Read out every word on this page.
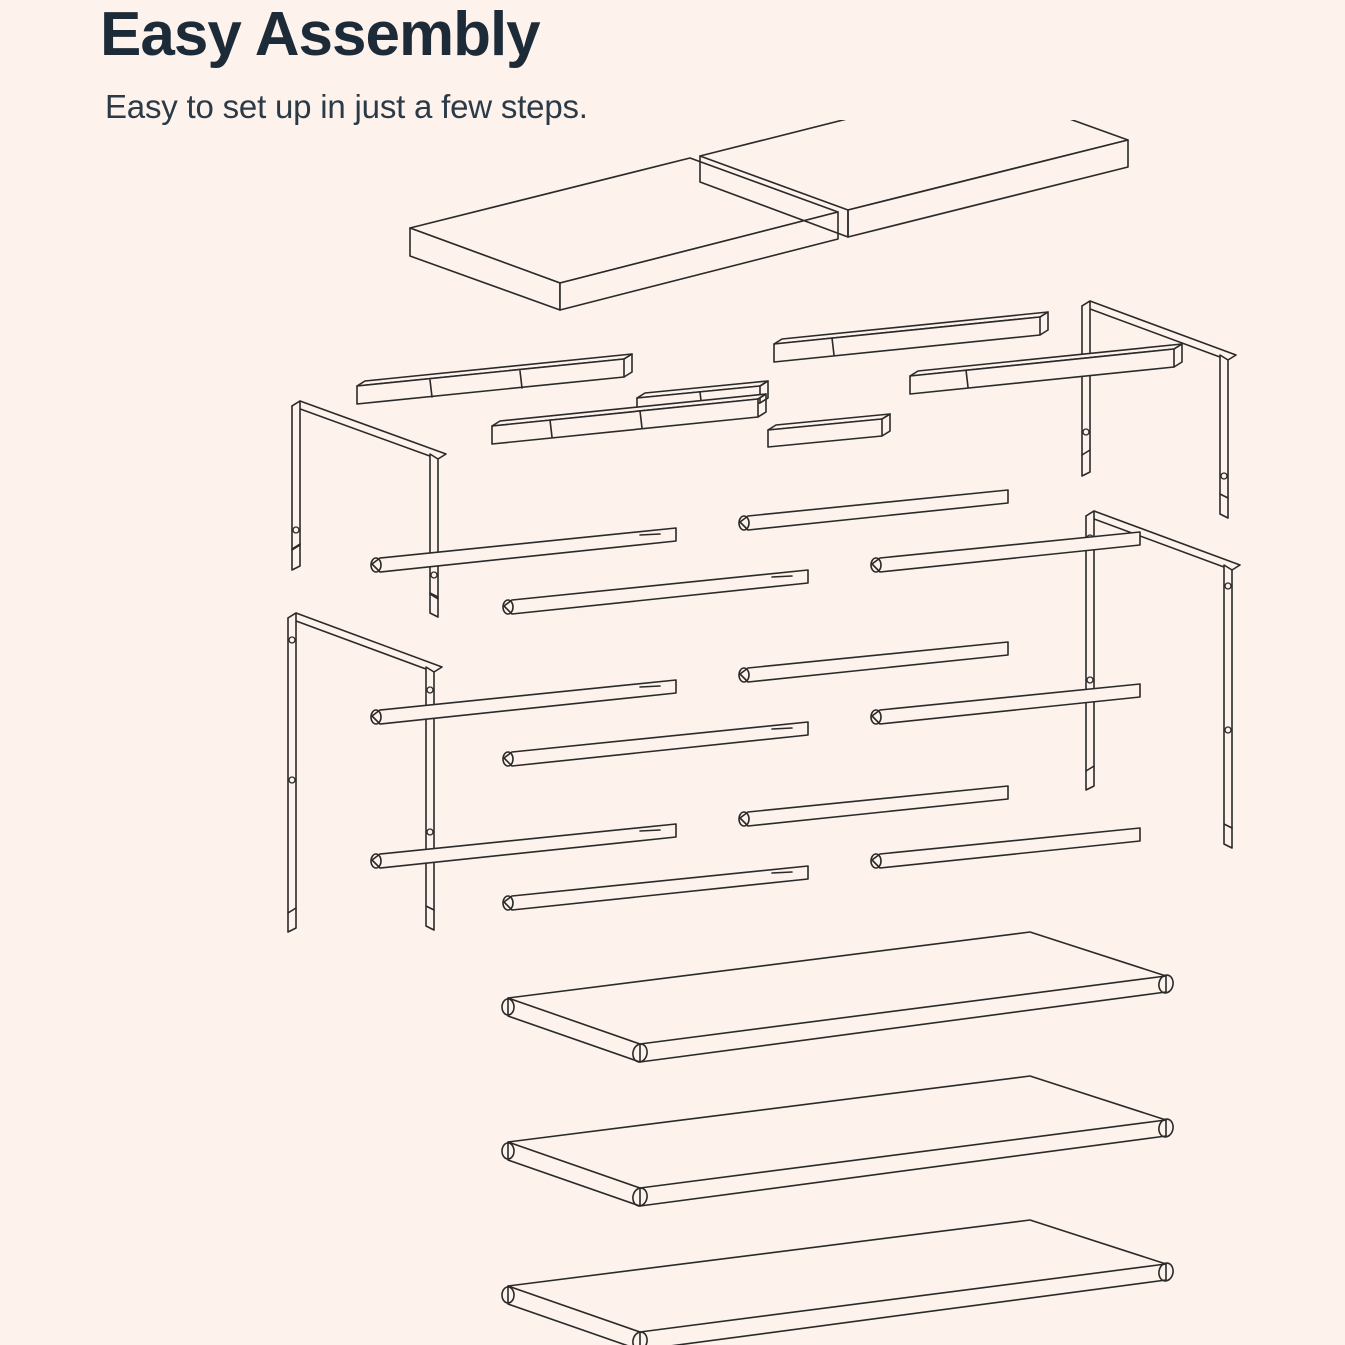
Easy Assembly
Easy to set up in just a few steps.
